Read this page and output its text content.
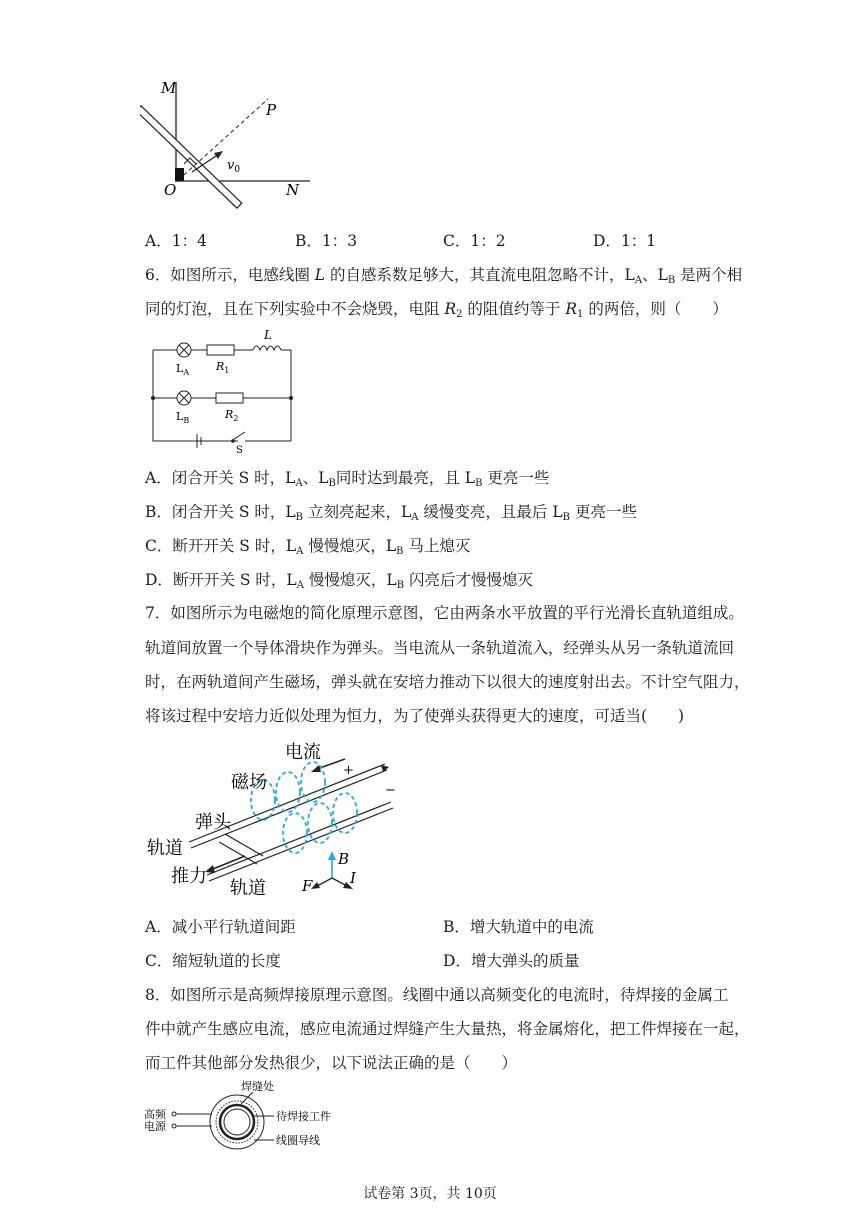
M
P
O	N
$v_0$
A．1：4	B．1：3	C．1：2	D．1：1
6．如图所示，电感线圈 L 的自感系数足够大，其直流电阻忽略不计，$L_A$、$L_B$ 是两个相
同的灯泡，且在下列实验中不会烧毁，电阻 $R_2$ 的阻值约等于 $R_1$ 的两倍，则（　　）
L
$L_A$ $R_1$
$L_B$	$R_2$
S
A．闭合开关 S 时，$L_A$、$L_B$同时达到最亮，且 $L_B$ 更亮一些
B．闭合开关 S 时，$L_B$ 立刻亮起来，$L_A$ 缓慢变亮，且最后 $L_B$ 更亮一些
C．断开开关 S 时，$L_A$ 慢慢熄灭，$L_B$ 马上熄灭
D．断开开关 S 时，$L_A$ 慢慢熄灭，$L_B$ 闪亮后才慢慢熄灭
7．如图所示为电磁炮的简化原理示意图，它由两条水平放置的平行光滑长直轨道组成。
轨道间放置一个导体滑块作为弹头。当电流从一条轨道流入，经弹头从另一条轨道流回
时，在两轨道间产生磁场，弹头就在安培力推动下以很大的速度射出去。不计空气阻力，
将该过程中安培力近似处理为恒力，为了使弹头获得更大的速度，可适当(　　)
电流
+
−
磁场
弹头
轨道
推力
轨道
B
F	I
A．减小平行轨道间距	B．增大轨道中的电流
C．缩短轨道的长度	D．增大弹头的质量
8．如图所示是高频焊接原理示意图。线圈中通以高频变化的电流时，待焊接的金属工
件中就产生感应电流，感应电流通过焊缝产生大量热，将金属熔化，把工件焊接在一起，
而工件其他部分发热很少，以下说法正确的是（　　）
高频
电源
焊缝处
待焊接工件
线圈导线
试卷第 3页，共 10页
